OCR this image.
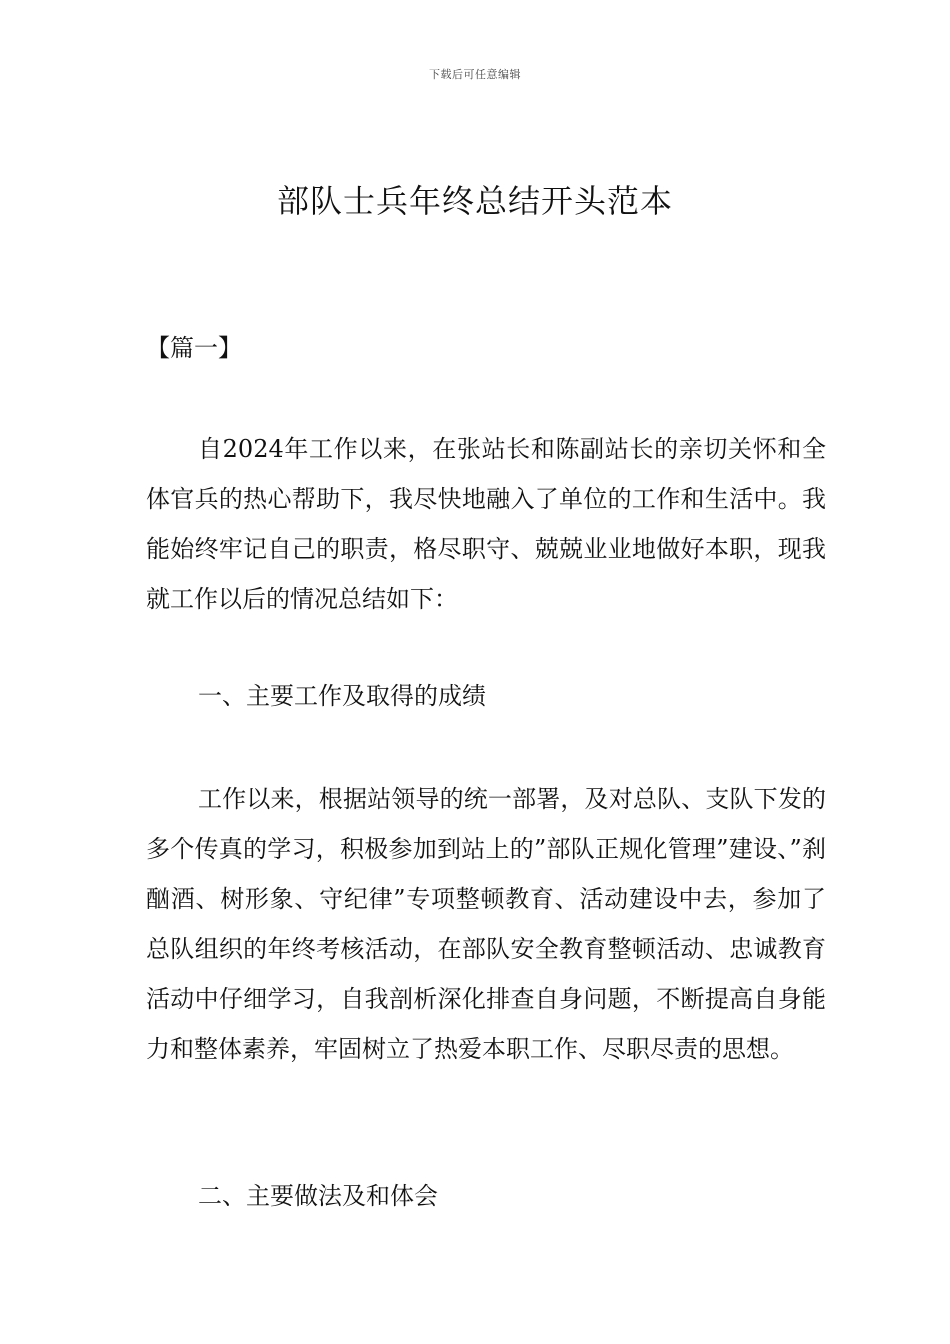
下载后可任意编辑
部队士兵年终总结开头范本
【篇一】

自2024年工作以来，在张站长和陈副站长的亲切关怀和全体官兵的热心帮助下，我尽快地融入了单位的工作和生活中。我能始终牢记自己的职责，格尽职守、兢兢业业地做好本职，现我就工作以后的情况总结如下：

一、主要工作及取得的成绩

工作以来，根据站领导的统一部署，及对总队、支队下发的多个传真的学习，积极参加到站上的”部队正规化管理”建设、”刹酗酒、树形象、守纪律”专项整顿教育、活动建设中去，参加了总队组织的年终考核活动，在部队安全教育整顿活动、忠诚教育活动中仔细学习，自我剖析深化排查自身问题，不断提高自身能力和整体素养，牢固树立了热爱本职工作、尽职尽责的思想。

二、主要做法及和体会
